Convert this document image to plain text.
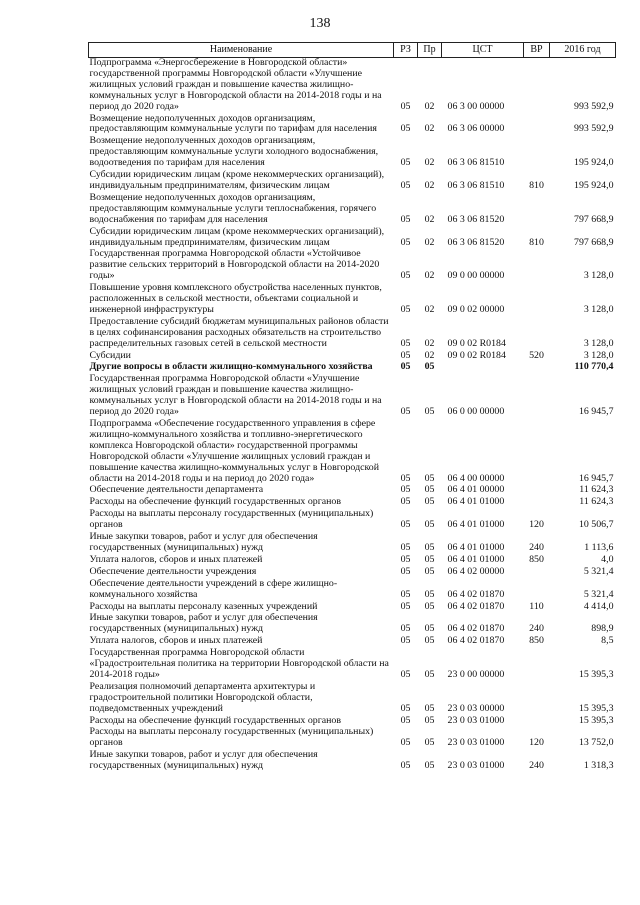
138
Наименование	РЗ	Пр	ЦСТ	ВР	2016 год
Подпрограмма «Энергосбережение в Новгородской области» государственной программы Новгородской области «Улучшение жилищных условий граждан и повышение качества жилищно-коммунальных услуг в Новгородской области на 2014-2018 годы и на период до 2020 года»	05	02	06 3 00 00000		993 592,9
Возмещение недополученных доходов организациям, предоставляющим коммунальные услуги по тарифам для населения	05	02	06 3 06 00000		993 592,9
Возмещение недополученных доходов организациям, предоставляющим коммунальные услуги холодного водоснабжения, водоотведения по тарифам для населения	05	02	06 3 06 81510		195 924,0
Субсидии юридическим лицам (кроме некоммерческих организаций), индивидуальным предпринимателям, физическим лицам	05	02	06 3 06 81510	810	195 924,0
Возмещение недополученных доходов организациям, предоставляющим коммунальные услуги теплоснабжения, горячего водоснабжения по тарифам для населения	05	02	06 3 06 81520		797 668,9
Субсидии юридическим лицам (кроме некоммерческих организаций), индивидуальным предпринимателям, физическим лицам	05	02	06 3 06 81520	810	797 668,9
Государственная программа Новгородской области «Устойчивое развитие сельских территорий в Новгородской области на 2014-2020 годы»	05	02	09 0 00 00000		3 128,0
Повышение уровня комплексного обустройства населенных пунктов, расположенных в сельской местности, объектами социальной и инженерной инфраструктуры	05	02	09 0 02 00000		3 128,0
Предоставление субсидий бюджетам муниципальных районов области в целях софинансирования расходных обязательств на строительство распределительных газовых сетей в сельской местности	05	02	09 0 02 R0184		3 128,0
Субсидии	05	02	09 0 02 R0184	520	3 128,0
Другие вопросы в области жилищно-коммунального хозяйства	05	05			110 770,4
Государственная программа Новгородской области «Улучшение жилищных условий граждан и повышение качества жилищно-коммунальных услуг в Новгородской области на 2014-2018 годы и на период до 2020 года»	05	05	06 0 00 00000		16 945,7
Подпрограмма «Обеспечение государственного управления в сфере жилищно-коммунального хозяйства и топливно-энергетического комплекса Новгородской области» государственной программы Новгородской области «Улучшение жилищных условий граждан и повышение качества жилищно-коммунальных услуг в Новгородской области на 2014-2018 годы и на период до 2020 года»	05	05	06 4 00 00000		16 945,7
Обеспечение деятельности департамента	05	05	06 4 01 00000		11 624,3
Расходы на обеспечение функций государственных органов	05	05	06 4 01 01000		11 624,3
Расходы на выплаты персоналу государственных (муниципальных) органов	05	05	06 4 01 01000	120	10 506,7
Иные закупки товаров, работ и услуг для обеспечения государственных (муниципальных) нужд	05	05	06 4 01 01000	240	1 113,6
Уплата налогов, сборов и иных платежей	05	05	06 4 01 01000	850	4,0
Обеспечение деятельности учреждения	05	05	06 4 02 00000		5 321,4
Обеспечение деятельности учреждений в сфере жилищно-коммунального хозяйства	05	05	06 4 02 01870		5 321,4
Расходы на выплаты персоналу казенных учреждений	05	05	06 4 02 01870	110	4 414,0
Иные закупки товаров, работ и услуг для обеспечения государственных (муниципальных) нужд	05	05	06 4 02 01870	240	898,9
Уплата налогов, сборов и иных платежей	05	05	06 4 02 01870	850	8,5
Государственная программа Новгородской области «Градостроительная политика на территории Новгородской области на 2014-2018 годы»	05	05	23 0 00 00000		15 395,3
Реализация полномочий департамента архитектуры и градостроительной политики Новгородской области, подведомственных учреждений	05	05	23 0 03 00000		15 395,3
Расходы на обеспечение функций государственных органов	05	05	23 0 03 01000		15 395,3
Расходы на выплаты персоналу государственных (муниципальных) органов	05	05	23 0 03 01000	120	13 752,0
Иные закупки товаров, работ и услуг для обеспечения государственных (муниципальных) нужд	05	05	23 0 03 01000	240	1 318,3
